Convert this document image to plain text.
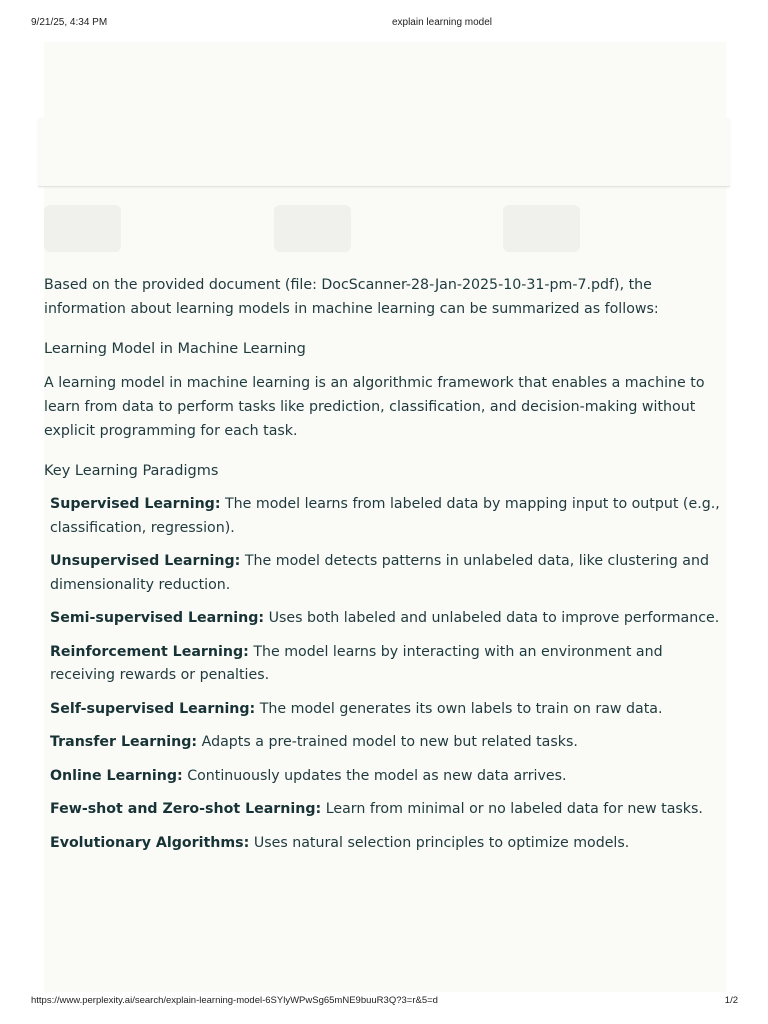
9/21/25, 4:34 PM	explain learning model

Based on the provided document (file: DocScanner-28-Jan-2025-10-31-pm-7.pdf), the information about learning models in machine learning can be summarized as follows:

Learning Model in Machine Learning

A learning model in machine learning is an algorithmic framework that enables a machine to learn from data to perform tasks like prediction, classification, and decision-making without explicit programming for each task.

Key Learning Paradigms

Supervised Learning: The model learns from labeled data by mapping input to output (e.g., classification, regression).
Unsupervised Learning: The model detects patterns in unlabeled data, like clustering and dimensionality reduction.
Semi-supervised Learning: Uses both labeled and unlabeled data to improve performance.
Reinforcement Learning: The model learns by interacting with an environment and receiving rewards or penalties.
Self-supervised Learning: The model generates its own labels to train on raw data.
Transfer Learning: Adapts a pre-trained model to new but related tasks.
Online Learning: Continuously updates the model as new data arrives.
Few-shot and Zero-shot Learning: Learn from minimal or no labeled data for new tasks.
Evolutionary Algorithms: Uses natural selection principles to optimize models.
https://www.perplexity.ai/search/explain-learning-model-6SYlyWPwSg65mNE9buuR3Q?3=r&5=d	1/2
